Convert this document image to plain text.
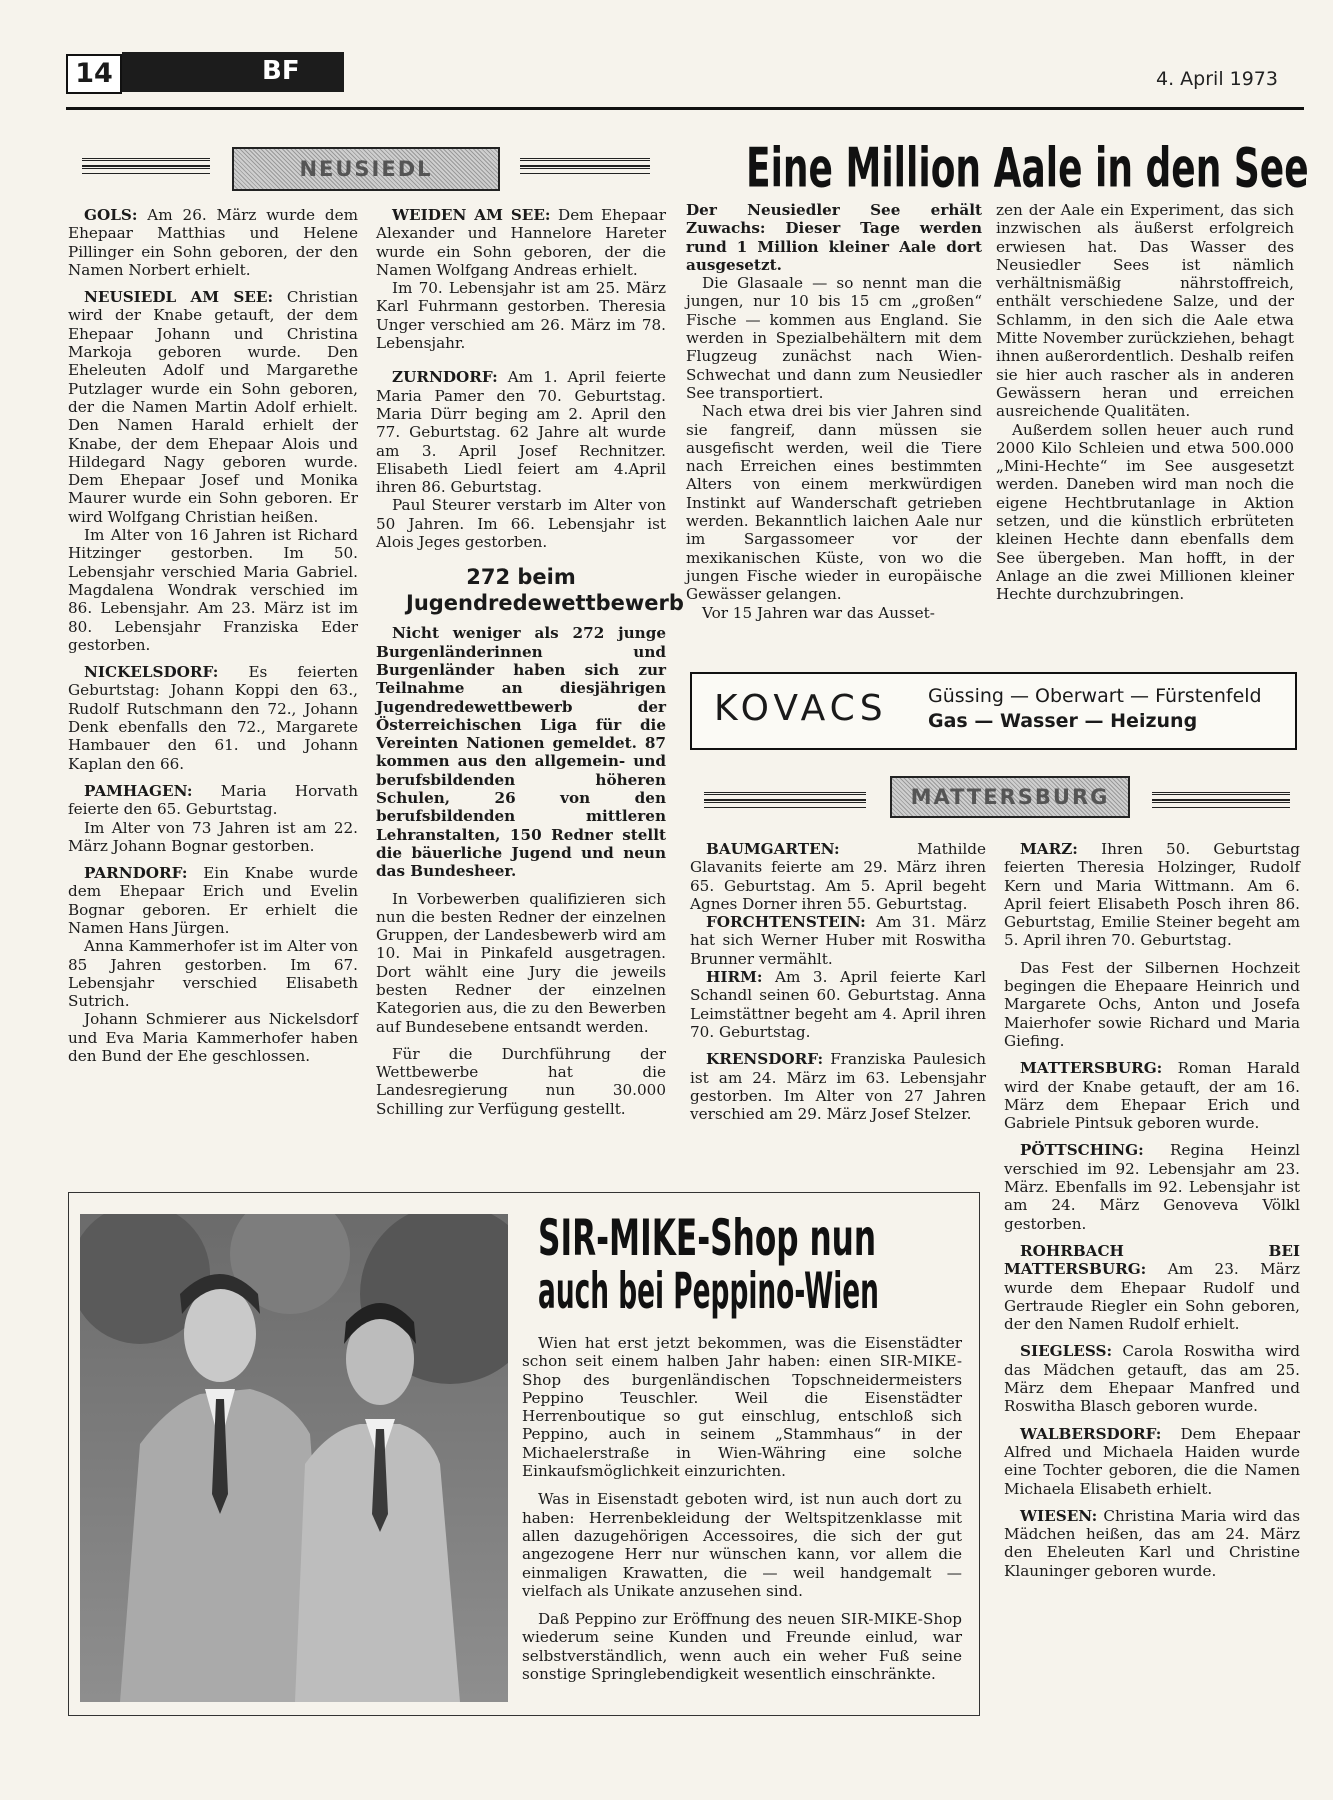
14	BF	4. April 1973
NEUSIEDL

GOLS: Am 26. März wurde dem Ehepaar Matthias und Helene Pillinger ein Sohn geboren, der den Namen Norbert erhielt.

NEUSIEDL AM SEE: Christian wird der Knabe getauft, der dem Ehepaar Johann und Christina Markoja geboren wurde. Den Eheleuten Adolf und Margarethe Putzlager wurde ein Sohn geboren, der die Namen Martin Adolf erhielt. Den Namen Harald erhielt der Knabe, der dem Ehepaar Alois und Hildegard Nagy geboren wurde. Dem Ehepaar Josef und Monika Maurer wurde ein Sohn geboren. Er wird Wolfgang Christian heißen.

Im Alter von 16 Jahren ist Richard Hitzinger gestorben. Im 50. Lebensjahr verschied Maria Gabriel. Magdalena Wondrak verschied im 86. Lebensjahr. Am 23. März ist im 80. Lebensjahr Franziska Eder gestorben.

NICKELSDORF: Es feierten Geburtstag: Johann Koppi den 63., Rudolf Rutschmann den 72., Johann Denk ebenfalls den 72., Margarete Hambauer den 61. und Johann Kaplan den 66.

PAMHAGEN: Maria Horvath feierte den 65. Geburtstag.

Im Alter von 73 Jahren ist am 22. März Johann Bognar gestorben.

PARNDORF: Ein Knabe wurde dem Ehepaar Erich und Evelin Bognar geboren. Er erhielt die Namen Hans Jürgen.

Anna Kammerhofer ist im Alter von 85 Jahren gestorben. Im 67. Lebensjahr verschied Elisabeth Sutrich.

Johann Schmierer aus Nickelsdorf und Eva Maria Kammerhofer haben den Bund der Ehe geschlossen.

WEIDEN AM SEE: Dem Ehepaar Alexander und Hannelore Hareter wurde ein Sohn geboren, der die Namen Wolfgang Andreas erhielt.

Im 70. Lebensjahr ist am 25. März Karl Fuhrmann gestorben. Theresia Unger verschied am 26. März im 78. Lebensjahr.

ZURNDORF: Am 1. April feierte Maria Pamer den 70. Geburtstag. Maria Dürr beging am 2. April den 77. Geburtstag. 62 Jahre alt wurde am 3. April Josef Rechnitzer. Elisabeth Liedl feiert am 4.April ihren 86. Geburtstag.

Paul Steurer verstarb im Alter von 50 Jahren. Im 66. Lebensjahr ist Alois Jeges gestorben.

272 beim Jugendredewettbewerb

Nicht weniger als 272 junge Burgenländerinnen und Burgenländer haben sich zur Teilnahme an diesjährigen Jugendredewettbewerb der Österreichischen Liga für die Vereinten Nationen gemeldet. 87 kommen aus den allgemein- und berufsbildenden höheren Schulen, 26 von den berufsbildenden mittleren Lehranstalten, 150 Redner stellt die bäuerliche Jugend und neun das Bundesheer.

In Vorbewerben qualifizieren sich nun die besten Redner der einzelnen Gruppen, der Landesbewerb wird am 10. Mai in Pinkafeld ausgetragen. Dort wählt eine Jury die jeweils besten Redner der einzelnen Kategorien aus, die zu den Bewerben auf Bundesebene entsandt werden.

Für die Durchführung der Wettbewerbe hat die Landesregierung nun 30.000 Schilling zur Verfügung gestellt.

Eine Million Aale in den See

Der Neusiedler See erhält Zuwachs: Dieser Tage werden rund 1 Million kleiner Aale dort ausgesetzt.

Die Glasaale — so nennt man die jungen, nur 10 bis 15 cm „großen“ Fische — kommen aus England. Sie werden in Spezialbehältern mit dem Flugzeug zunächst nach Wien-Schwechat und dann zum Neusiedler See transportiert.

Nach etwa drei bis vier Jahren sind sie fangreif, dann müssen sie ausgefischt werden, weil die Tiere nach Erreichen eines bestimmten Alters von einem merkwürdigen Instinkt auf Wanderschaft getrieben werden. Bekanntlich laichen Aale nur im Sargassomeer vor der mexikanischen Küste, von wo die jungen Fische wieder in europäische Gewässer gelangen.

Vor 15 Jahren war das Ausset-

zen der Aale ein Experiment, das sich inzwischen als äußerst erfolgreich erwiesen hat. Das Wasser des Neusiedler Sees ist nämlich verhältnismäßig nährstoffreich, enthält verschiedene Salze, und der Schlamm, in den sich die Aale etwa Mitte November zurückziehen, behagt ihnen außerordentlich. Deshalb reifen sie hier auch rascher als in anderen Gewässern heran und erreichen ausreichende Qualitäten.

Außerdem sollen heuer auch rund 2000 Kilo Schleien und etwa 500.000 „Mini-Hechte“ im See ausgesetzt werden. Daneben wird man noch die eigene Hechtbrutanlage in Aktion setzen, und die künstlich erbrüteten kleinen Hechte dann ebenfalls dem See übergeben. Man hofft, in der Anlage an die zwei Millionen kleiner Hechte durchzubringen.

KOVACS Güssing — Oberwart — Fürstenfeld
Gas — Wasser — Heizung
MATTERSBURG

BAUMGARTEN: Mathilde Glavanits feierte am 29. März ihren 65. Geburtstag. Am 5. April begeht Agnes Dorner ihren 55. Geburtstag.

FORCHTENSTEIN: Am 31. März hat sich Werner Huber mit Roswitha Brunner vermählt.

HIRM: Am 3. April feierte Karl Schandl seinen 60. Geburtstag. Anna Leimstättner begeht am 4. April ihren 70. Geburtstag.

KRENSDORF: Franziska Paulesich ist am 24. März im 63. Lebensjahr gestorben. Im Alter von 27 Jahren verschied am 29. März Josef Stelzer.

MARZ: Ihren 50. Geburtstag feierten Theresia Holzinger, Rudolf Kern und Maria Wittmann. Am 6. April feiert Elisabeth Posch ihren 86. Geburtstag, Emilie Steiner begeht am 5. April ihren 70. Geburtstag.

Das Fest der Silbernen Hochzeit begingen die Ehepaare Heinrich und Margarete Ochs, Anton und Josefa Maierhofer sowie Richard und Maria Giefing.

MATTERSBURG: Roman Harald wird der Knabe getauft, der am 16. März dem Ehepaar Erich und Gabriele Pintsuk geboren wurde.

PÖTTSCHING: Regina Heinzl verschied im 92. Lebensjahr am 23. März. Ebenfalls im 92. Lebensjahr ist am 24. März Genoveva Völkl gestorben.

ROHRBACH BEI MATTERSBURG: Am 23. März wurde dem Ehepaar Rudolf und Gertraude Riegler ein Sohn geboren, der den Namen Rudolf erhielt.

SIEGLESS: Carola Roswitha wird das Mädchen getauft, das am 25. März dem Ehepaar Manfred und Roswitha Blasch geboren wurde.

WALBERSDORF: Dem Ehepaar Alfred und Michaela Haiden wurde eine Tochter geboren, die die Namen Michaela Elisabeth erhielt.

WIESEN: Christina Maria wird das Mädchen heißen, das am 24. März den Eheleuten Karl und Christine Klauninger geboren wurde.

SIR-MIKE-Shop nun
auch bei Peppino-Wien

Wien hat erst jetzt bekommen, was die Eisenstädter schon seit einem halben Jahr haben: einen SIR-MIKE-Shop des burgenländischen Topschneidermeisters Peppino Teuschler. Weil die Eisenstädter Herrenboutique so gut einschlug, entschloß sich Peppino, auch in seinem „Stammhaus“ in der Michaelerstraße in Wien-Währing eine solche Einkaufsmöglichkeit einzurichten.

Was in Eisenstadt geboten wird, ist nun auch dort zu haben: Herrenbekleidung der Weltspitzenklasse mit allen dazugehörigen Accessoires, die sich der gut angezogene Herr nur wünschen kann, vor allem die einmaligen Krawatten, die — weil handgemalt — vielfach als Unikate anzusehen sind.

Daß Peppino zur Eröffnung des neuen SIR-MIKE-Shop wiederum seine Kunden und Freunde einlud, war selbstverständlich, wenn auch ein weher Fuß seine sonstige Springlebendigkeit wesentlich einschränkte.
